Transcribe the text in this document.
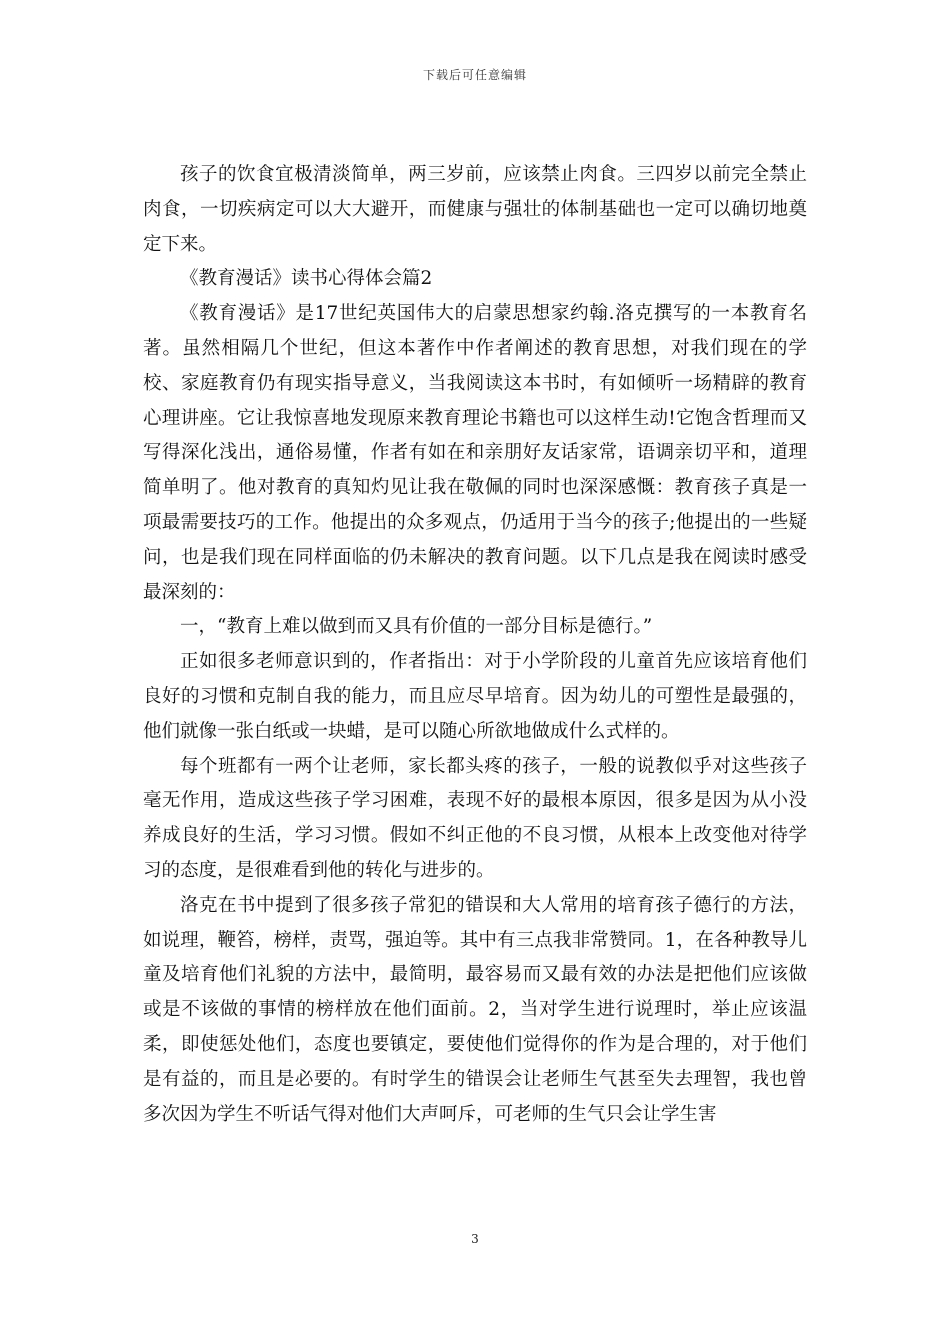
下载后可任意编辑

孩子的饮食宜极清淡简单，两三岁前，应该禁止肉食。三四岁以前完全禁止肉食，一切疾病定可以大大避开，而健康与强壮的体制基础也一定可以确切地奠定下来。

《教育漫话》读书心得体会篇2

《教育漫话》是17世纪英国伟大的启蒙思想家约翰.洛克撰写的一本教育名著。虽然相隔几个世纪，但这本著作中作者阐述的教育思想，对我们现在的学校、家庭教育仍有现实指导意义，当我阅读这本书时，有如倾听一场精辟的教育心理讲座。它让我惊喜地发现原来教育理论书籍也可以这样生动!它饱含哲理而又写得深化浅出，通俗易懂，作者有如在和亲朋好友话家常，语调亲切平和，道理简单明了。他对教育的真知灼见让我在敬佩的同时也深深感慨：教育孩子真是一项最需要技巧的工作。他提出的众多观点，仍适用于当今的孩子;他提出的一些疑问，也是我们现在同样面临的仍未解决的教育问题。以下几点是我在阅读时感受最深刻的：

一，“教育上难以做到而又具有价值的一部分目标是德行。”

正如很多老师意识到的，作者指出：对于小学阶段的儿童首先应该培育他们良好的习惯和克制自我的能力，而且应尽早培育。因为幼儿的可塑性是最强的，他们就像一张白纸或一块蜡，是可以随心所欲地做成什么式样的。

每个班都有一两个让老师，家长都头疼的孩子，一般的说教似乎对这些孩子毫无作用，造成这些孩子学习困难，表现不好的最根本原因，很多是因为从小没养成良好的生活，学习习惯。假如不纠正他的不良习惯，从根本上改变他对待学习的态度，是很难看到他的转化与进步的。

洛克在书中提到了很多孩子常犯的错误和大人常用的培育孩子德行的方法，如说理，鞭笞，榜样，责骂，强迫等。其中有三点我非常赞同。1，在各种教导儿童及培育他们礼貌的方法中，最简明，最容易而又最有效的办法是把他们应该做或是不该做的事情的榜样放在他们面前。2，当对学生进行说理时，举止应该温柔，即使惩处他们，态度也要镇定，要使他们觉得你的作为是合理的，对于他们是有益的，而且是必要的。有时学生的错误会让老师生气甚至失去理智，我也曾多次因为学生不听话气得对他们大声呵斥，可老师的生气只会让学生害

3
